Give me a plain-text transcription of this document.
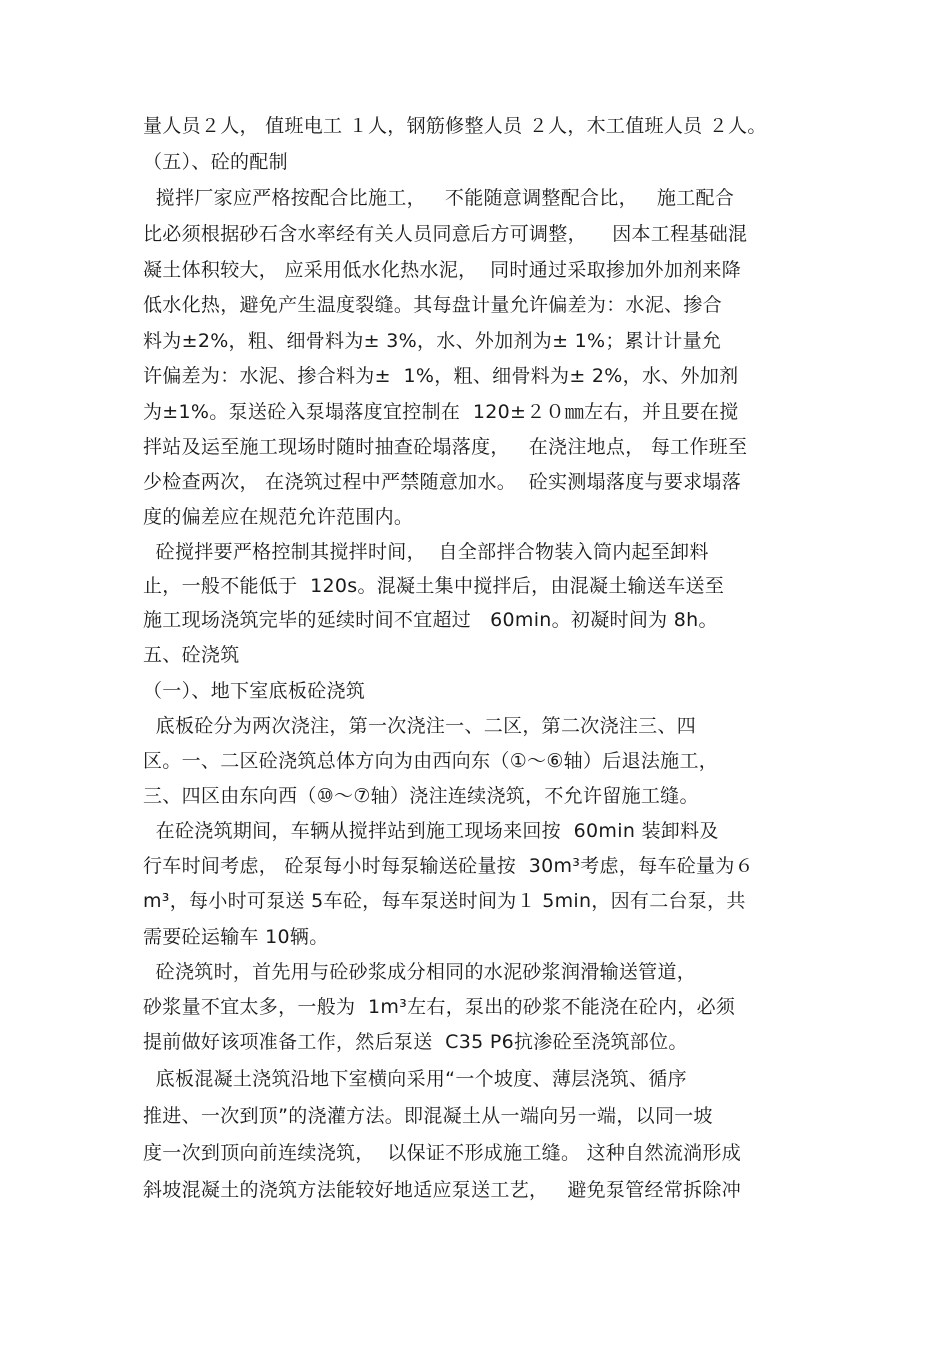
量人员２人， 值班电工 １人，钢筋修整人员 ２人，木工值班人员 ２人。
（五）、砼的配制
搅拌厂家应严格按配合比施工，   不能随意调整配合比，   施工配合
比必须根据砂石含水率经有关人员同意后方可调整，    因本工程基础混
凝土体积较大， 应采用低水化热水泥，  同时通过采取掺加外加剂来降
低水化热，避免产生温度裂缝。其每盘计量允许偏差为：水泥、掺合
料为±2%，粗、细骨料为± 3%，水、外加剂为± 1%；累计计量允
许偏差为：水泥、掺合料为±  1%，粗、细骨料为± 2%，水、外加剂
为±1%。泵送砼入泵塌落度宜控制在  120±２０㎜左右，并且要在搅
拌站及运至施工现场时随时抽查砼塌落度，   在浇注地点， 每工作班至
少检查两次， 在浇筑过程中严禁随意加水。  砼实测塌落度与要求塌落
度的偏差应在规范允许范围内。
砼搅拌要严格控制其搅拌时间，  自全部拌合物装入筒内起至卸料
止，一般不能低于  120s。混凝土集中搅拌后，由混凝土输送车送至
施工现场浇筑完毕的延续时间不宜超过   60min。初凝时间为 8h。
五、砼浇筑
（一）、地下室底板砼浇筑
底板砼分为两次浇注，第一次浇注一、二区，第二次浇注三、四
区。一、二区砼浇筑总体方向为由西向东（①～⑥轴）后退法施工，
三、四区由东向西（⑩～⑦轴）浇注连续浇筑，不允许留施工缝。
在砼浇筑期间，车辆从搅拌站到施工现场来回按  60min 装卸料及
行车时间考虑， 砼泵每小时每泵输送砼量按  30m³考虑，每车砼量为６
m³，每小时可泵送 5车砼，每车泵送时间为１ 5min，因有二台泵，共
需要砼运输车 10辆。
砼浇筑时，首先用与砼砂浆成分相同的水泥砂浆润滑输送管道，
砂浆量不宜太多，一般为  1m³左右，泵出的砂浆不能浇在砼内，必须
提前做好该项准备工作，然后泵送  C35 P6抗渗砼至浇筑部位。
底板混凝土浇筑沿地下室横向采用“一个坡度、薄层浇筑、循序
推进、一次到顶”的浇灌方法。即混凝土从一端向另一端，以同一坡
度一次到顶向前连续浇筑，  以保证不形成施工缝。 这种自然流淌形成
斜坡混凝土的浇筑方法能较好地适应泵送工艺，   避免泵管经常拆除冲
